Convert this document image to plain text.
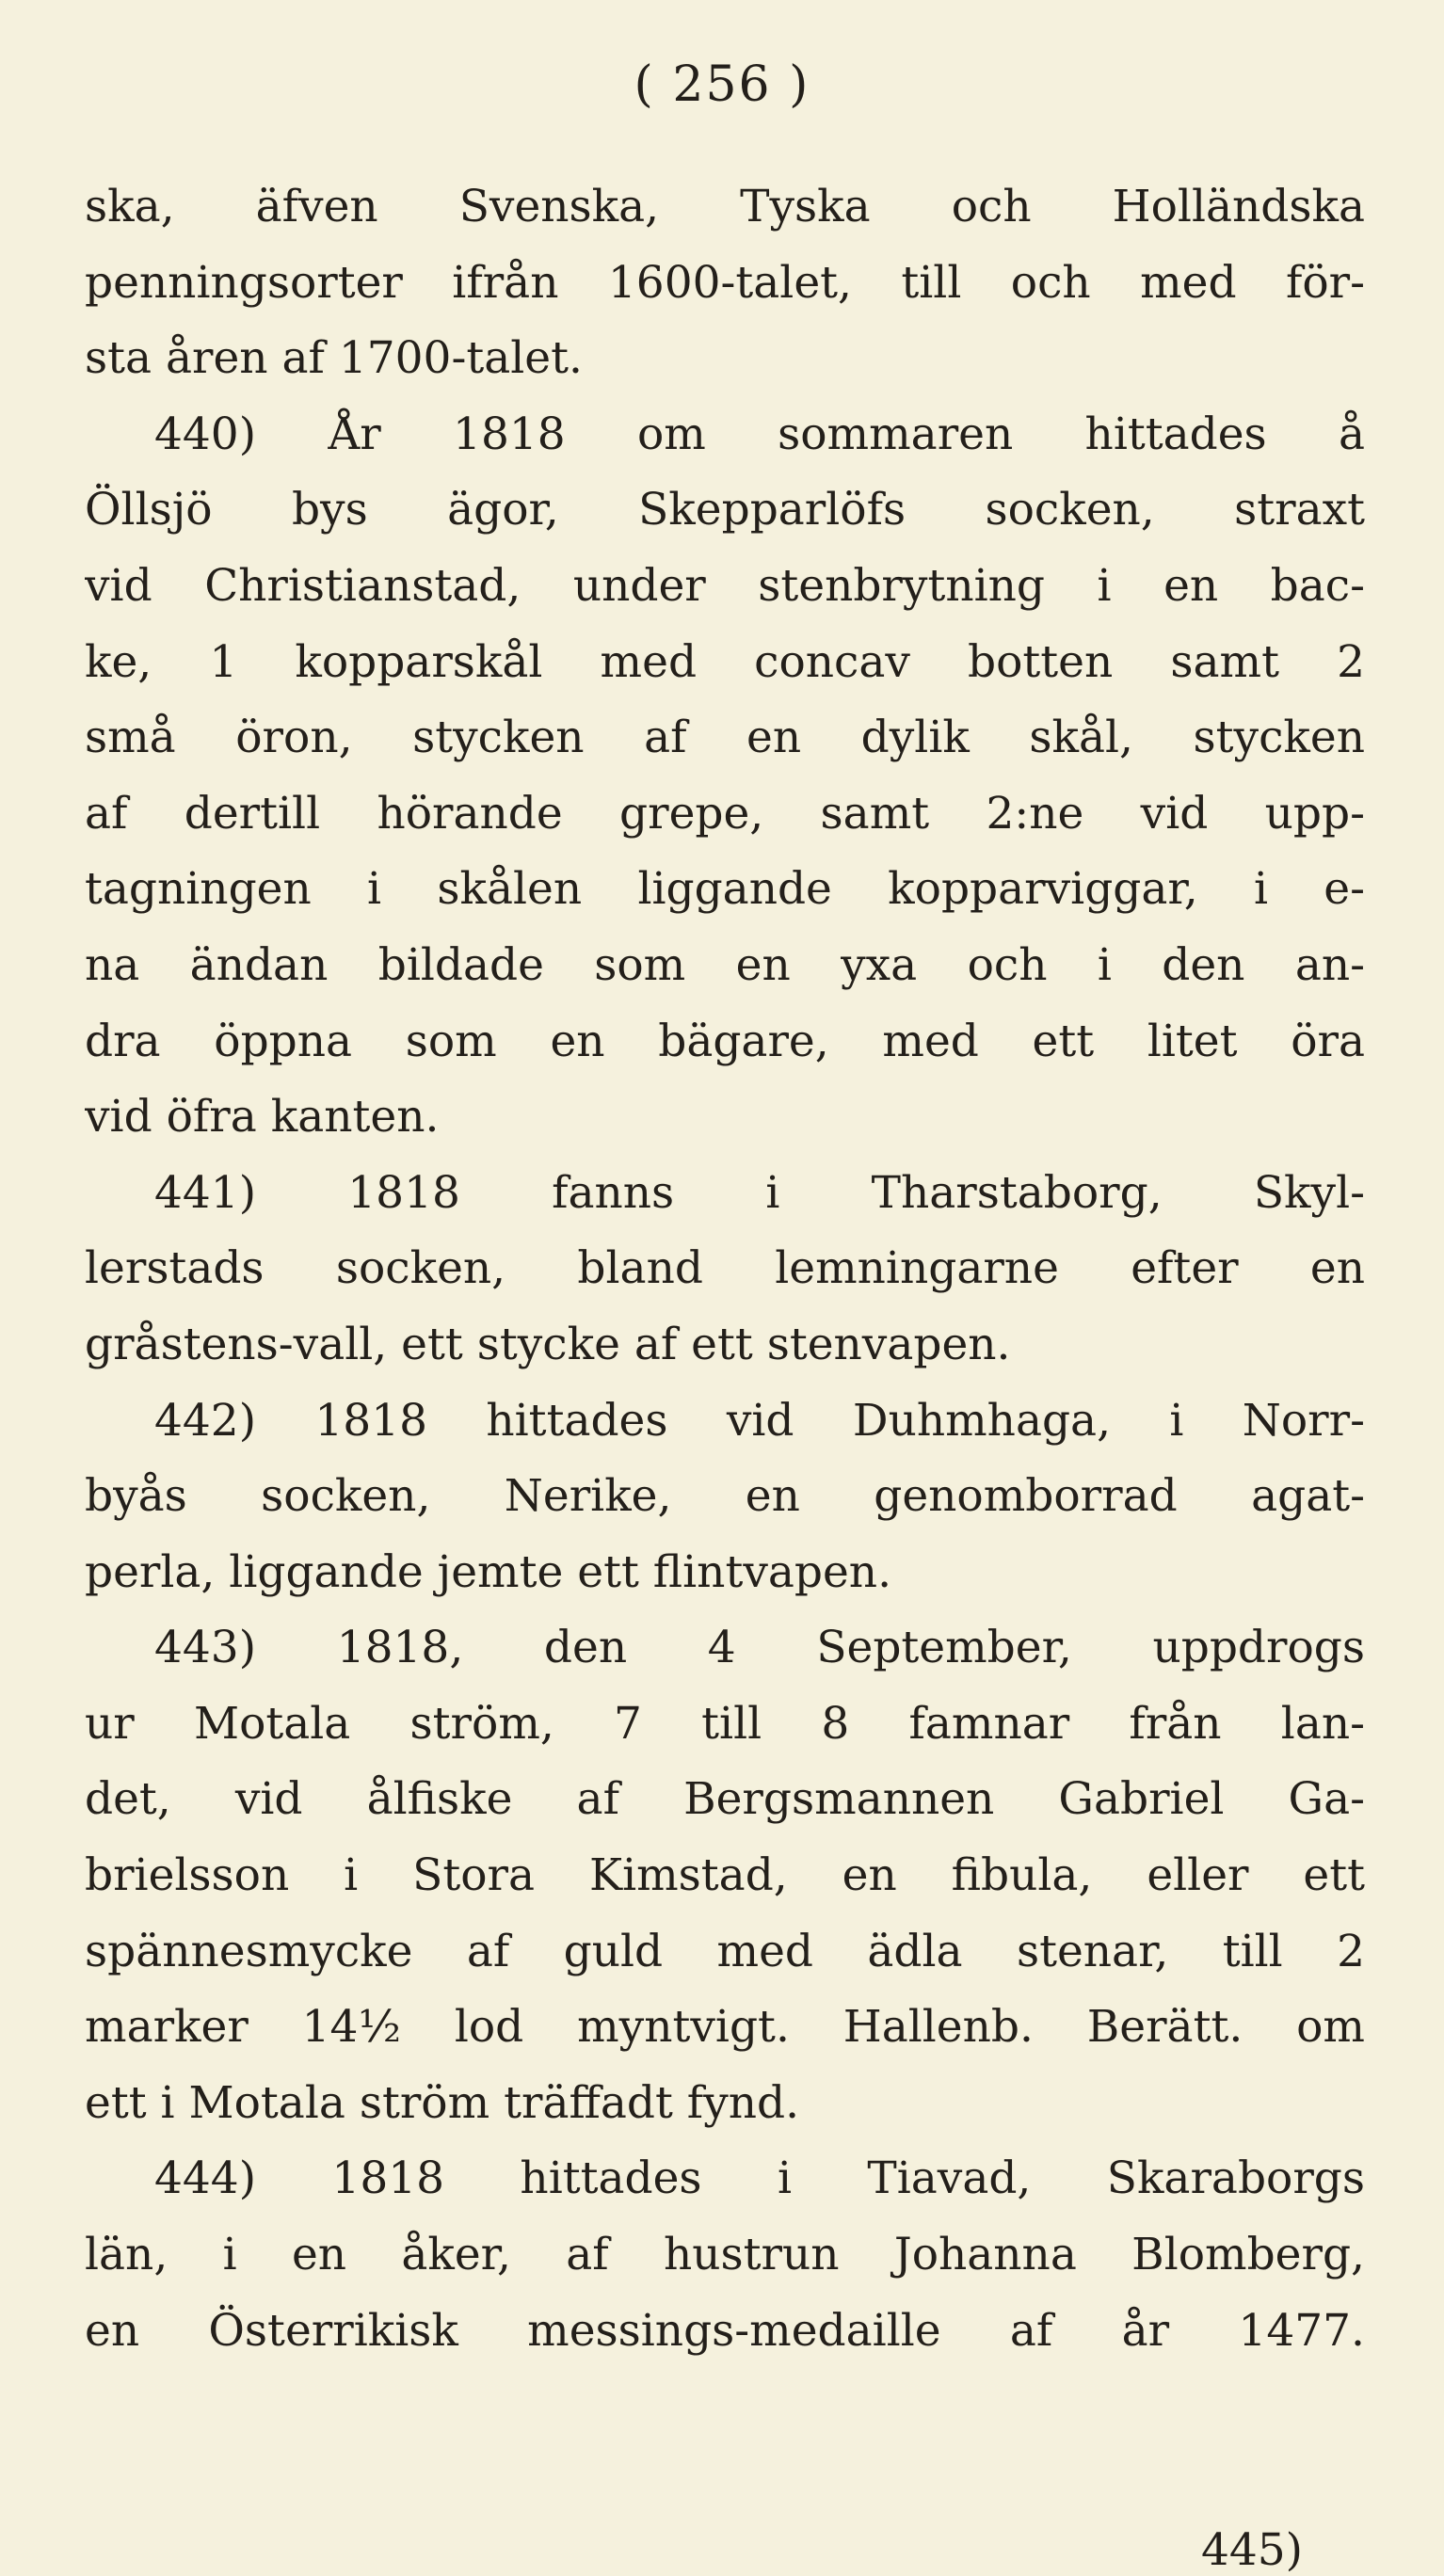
( 256 )
ska, äfven Svenska, Tyska och Holländska
penningsorter ifrån 1600-talet, till och med för-
sta åren af 1700-talet.
440) År 1818 om sommaren hittades å
Öllsjö bys ägor, Skepparlöfs socken, straxt
vid Christianstad, under stenbrytning i en bac-
ke, 1 kopparskål med concav botten samt 2
små öron, stycken af en dylik skål, stycken
af dertill hörande grepe, samt 2:ne vid upp-
tagningen i skålen liggande kopparviggar, i e-
na ändan bildade som en yxa och i den an-
dra öppna som en bägare, med ett litet öra
vid öfra kanten.
441) 1818 fanns i Tharstaborg, Skyl-
lerstads socken, bland lemningarne efter en
gråstens-vall, ett stycke af ett stenvapen.
442) 1818 hittades vid Duhmhaga, i Norr-
byås socken, Nerike, en genomborrad agat-
perla, liggande jemte ett flintvapen.
443) 1818, den 4 September, uppdrogs
ur Motala ström, 7 till 8 famnar från lan-
det, vid ålfiske af Bergsmannen Gabriel Ga-
brielsson i Stora Kimstad, en fibula, eller ett
spännesmycke af guld med ädla stenar, till 2
marker 14½ lod myntvigt. Hallenb. Berätt. om
ett i Motala ström träffadt fynd.
444) 1818 hittades i Tiavad, Skaraborgs
län, i en åker, af hustrun Johanna Blomberg,
en Österrikisk messings-medaille af år 1477.
445)
